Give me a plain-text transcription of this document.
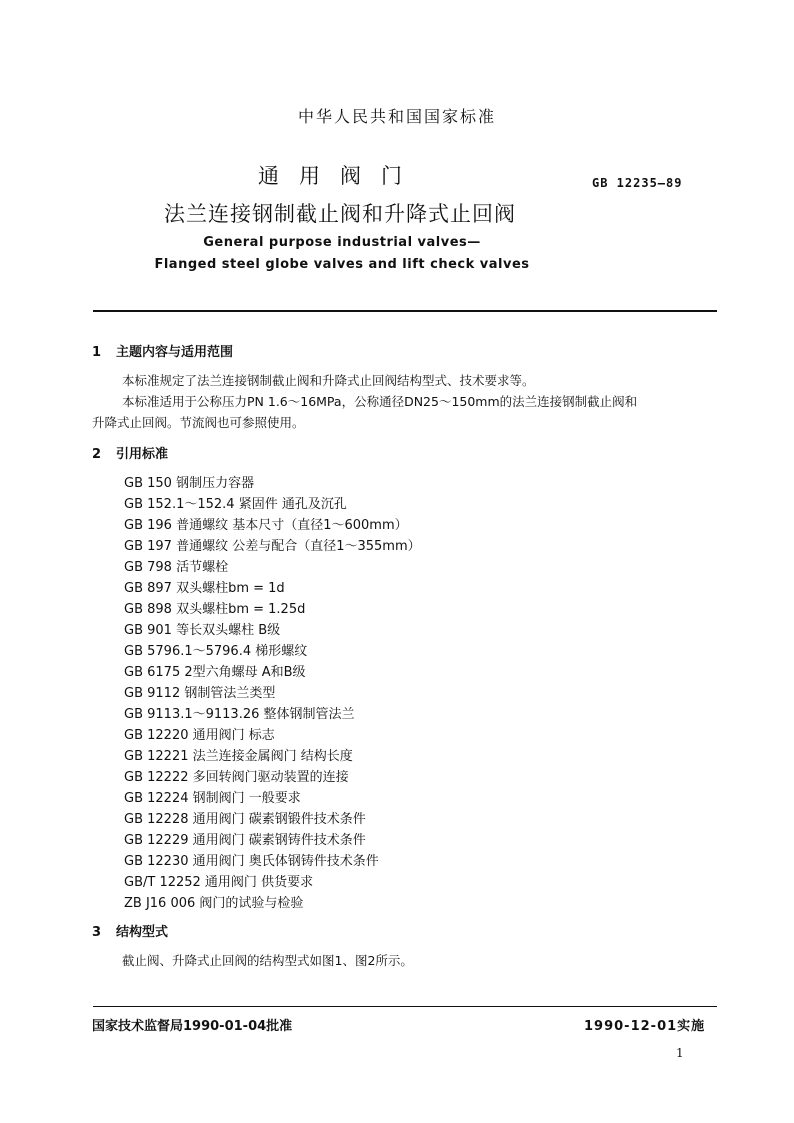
中华人民共和国国家标准
通用阀门
法兰连接钢制截止阀和升降式止回阀
GB 12235—89
General purpose industrial valves—
Flanged steel globe valves and lift check valves
1 主题内容与适用范围
本标准规定了法兰连接钢制截止阀和升降式止回阀结构型式、技术要求等。
本标准适用于公称压力PN 1.6～16MPa，公称通径DN25～150mm的法兰连接钢制截止阀和
升降式止回阀。节流阀也可参照使用。
2 引用标准
GB 150 钢制压力容器
GB 152.1～152.4 紧固件 通孔及沉孔
GB 196 普通螺纹 基本尺寸（直径1～600mm）
GB 197 普通螺纹 公差与配合（直径1～355mm）
GB 798 活节螺栓
GB 897 双头螺柱bm = 1d
GB 898 双头螺柱bm = 1.25d
GB 901 等长双头螺柱 B级
GB 5796.1～5796.4 梯形螺纹
GB 6175 2型六角螺母 A和B级
GB 9112 钢制管法兰类型
GB 9113.1～9113.26 整体钢制管法兰
GB 12220 通用阀门 标志
GB 12221 法兰连接金属阀门 结构长度
GB 12222 多回转阀门驱动装置的连接
GB 12224 钢制阀门 一般要求
GB 12228 通用阀门 碳素钢锻件技术条件
GB 12229 通用阀门 碳素钢铸件技术条件
GB 12230 通用阀门 奥氏体钢铸件技术条件
GB/T 12252 通用阀门 供货要求
ZB J16 006 阀门的试验与检验
3 结构型式
截止阀、升降式止回阀的结构型式如图1、图2所示。
国家技术监督局1990-01-04批准	1990-12-01实施
1
